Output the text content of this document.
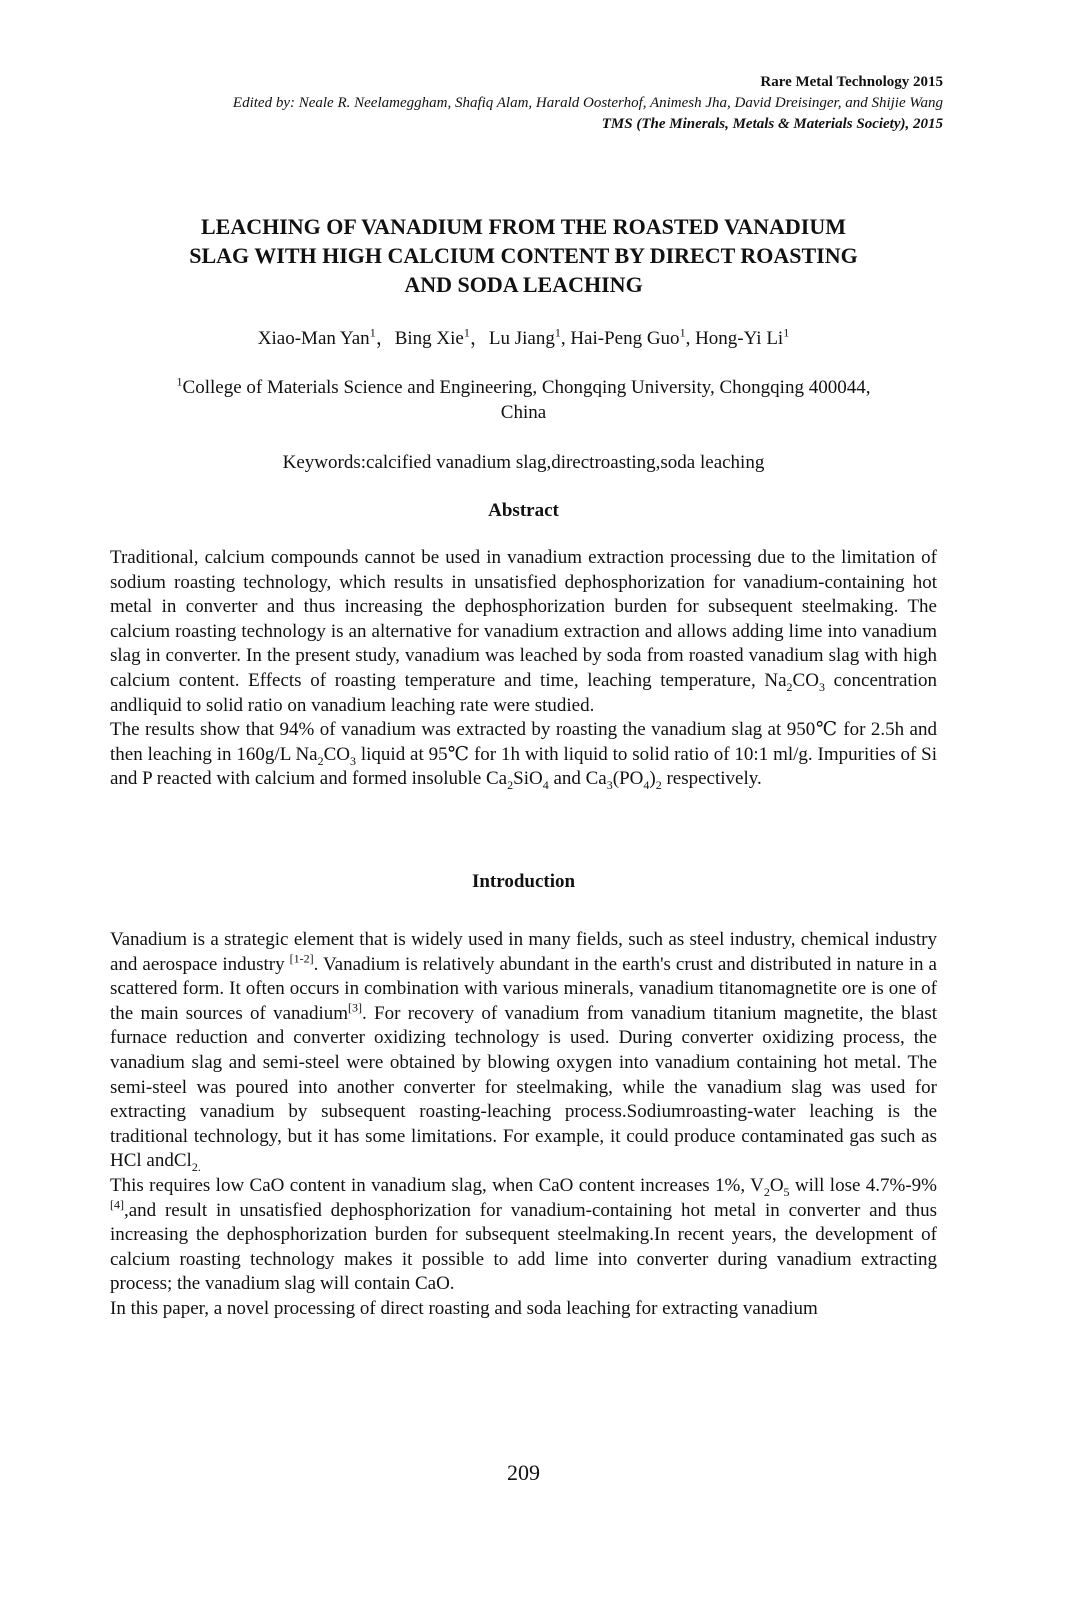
Rare Metal Technology 2015
Edited by: Neale R. Neelameggham, Shafiq Alam, Harald Oosterhof, Animesh Jha, David Dreisinger, and Shijie Wang
TMS (The Minerals, Metals & Materials Society), 2015
LEACHING OF VANADIUM FROM THE ROASTED VANADIUM
SLAG WITH HIGH CALCIUM CONTENT BY DIRECT ROASTING
AND SODA LEACHING
Xiao-Man Yan$^1$，Bing Xie$^1$，Lu Jiang$^1$, Hai-Peng Guo$^1$, Hong-Yi Li$^1$
$^1$College of Materials Science and Engineering, Chongqing University, Chongqing 400044,
China
Keywords:calcified vanadium slag,directroasting,soda leaching
Abstract

Traditional, calcium compounds cannot be used in vanadium extraction processing due to the limitation of sodium roasting technology, which results in unsatisfied dephosphorization for vanadium-containing hot metal in converter and thus increasing the dephosphorization burden for subsequent steelmaking. The calcium roasting technology is an alternative for vanadium extraction and allows adding lime into vanadium slag in converter. In the present study, vanadium was leached by soda from roasted vanadium slag with high calcium content. Effects of roasting temperature and time, leaching temperature, $Na_2CO_3$ concentration andliquid to solid ratio on vanadium leaching rate were studied.

The results show that 94% of vanadium was extracted by roasting the vanadium slag at 950℃ for 2.5h and then leaching in 160g/L $Na_2CO_3$ liquid at 95℃ for 1h with liquid to solid ratio of 10:1 ml/g. Impurities of Si and P reacted with calcium and formed insoluble $Ca_2SiO_4$ and $Ca_3(PO_4)_2$ respectively.

Introduction

Vanadium is a strategic element that is widely used in many fields, such as steel industry, chemical industry and aerospace industry [1-2]. Vanadium is relatively abundant in the earth's crust and distributed in nature in a scattered form. It often occurs in combination with various minerals, vanadium titanomagnetite ore is one of the main sources of vanadium[3]. For recovery of vanadium from vanadium titanium magnetite, the blast furnace reduction and converter oxidizing technology is used. During converter oxidizing process, the vanadium slag and semi-steel were obtained by blowing oxygen into vanadium containing hot metal. The semi-steel was poured into another converter for steelmaking, while the vanadium slag was used for extracting vanadium by subsequent roasting-leaching process.Sodiumroasting-water leaching is the traditional technology, but it has some limitations. For example, it could produce contaminated gas such as HCl andCl$_{2.}$

This requires low CaO content in vanadium slag, when CaO content increases 1%, $V_2O_5$ will lose 4.7%-9%[4],and result in unsatisfied dephosphorization for vanadium-containing hot metal in converter and thus increasing the dephosphorization burden for subsequent steelmaking.In recent years, the development of calcium roasting technology makes it possible to add lime into converter during vanadium extracting process; the vanadium slag will contain CaO.

In this paper, a novel processing of direct roasting and soda leaching for extracting vanadium

209
